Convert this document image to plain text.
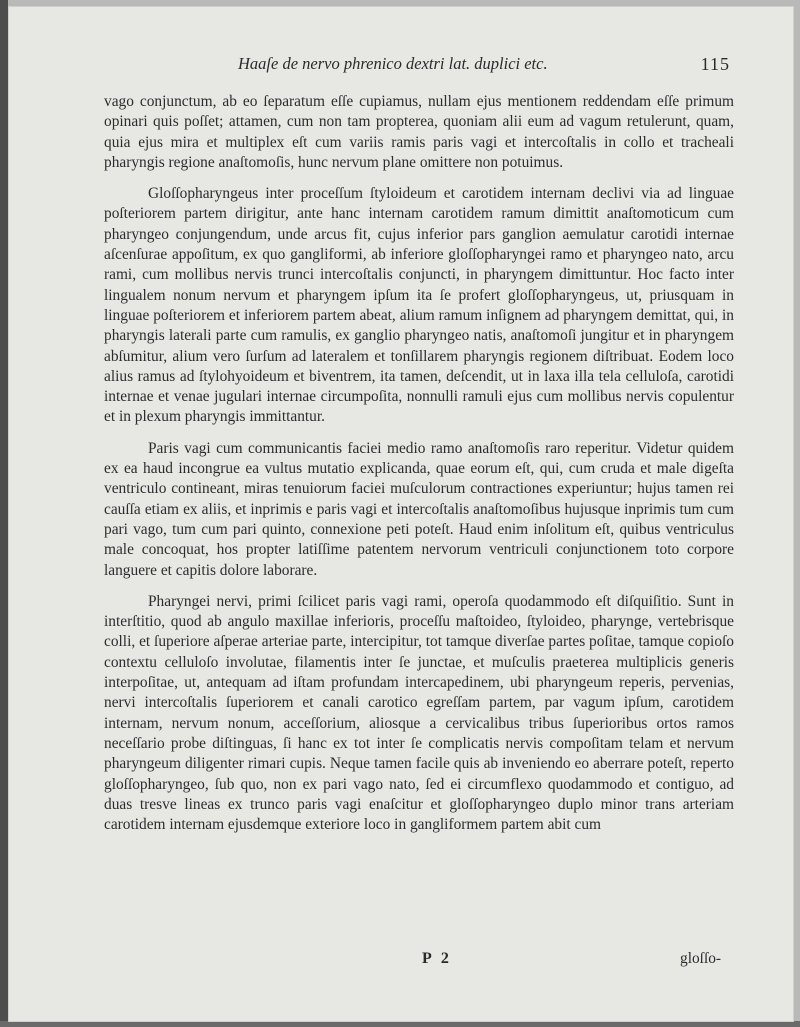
Haaſe de nervo phrenico dextri lat. duplici etc.	115

vago conjunctum, ab eo ſeparatum eſſe cupiamus, nullam ejus mentionem reddendam eſſe primum opinari quis poſſet; attamen, cum non tam propterea, quoniam alii eum ad vagum retulerunt, quam, quia ejus mira et multiplex eſt cum variis ramis paris vagi et intercoſtalis in collo et tracheali pharyngis regione anaſtomoſis, hunc nervum plane omittere non potuimus.

Gloſſopharyngeus inter proceſſum ſtyloideum et carotidem internam declivi via ad linguae poſteriorem partem dirigitur, ante hanc internam carotidem ramum dimittit anaſtomoticum cum pharyngeo conjungendum, unde arcus fit, cujus inferior pars ganglion aemulatur carotidi internae aſcenſurae appoſitum, ex quo gangliformi, ab inferiore gloſſopharyngei ramo et pharyngeo nato, arcu rami, cum mollibus nervis trunci intercoſtalis conjuncti, in pharyngem dimittuntur. Hoc facto inter lingualem nonum nervum et pharyngem ipſum ita ſe profert gloſſopharyngeus, ut, priusquam in linguae poſteriorem et inferiorem partem abeat, alium ramum inſignem ad pharyngem demittat, qui, in pharyngis laterali parte cum ramulis, ex ganglio pharyngeo natis, anaſtomoſi jungitur et in pharyngem abſumitur, alium vero ſurſum ad lateralem et tonſillarem pharyngis regionem diſtribuat. Eodem loco alius ramus ad ſtylohyoideum et biventrem, ita tamen, deſcendit, ut in laxa illa tela celluloſa, carotidi internae et venae jugulari internae circumpoſita, nonnulli ramuli ejus cum mollibus nervis copulentur et in plexum pharyngis immittantur.

Paris vagi cum communicantis faciei medio ramo anaſtomoſis raro reperitur. Videtur quidem ex ea haud incongrue ea vultus mutatio explicanda, quae eorum eſt, qui, cum cruda et male digeſta ventriculo contineant, miras tenuiorum faciei muſculorum contractiones experiuntur; hujus tamen rei cauſſa etiam ex aliis, et inprimis e paris vagi et intercoſtalis anaſtomoſibus hujusque inprimis tum cum pari vago, tum cum pari quinto, connexione peti poteſt. Haud enim inſolitum eſt, quibus ventriculus male concoquat, hos propter latiſſime patentem nervorum ventriculi conjunctionem toto corpore languere et capitis dolore laborare.

Pharyngei nervi, primi ſcilicet paris vagi rami, operoſa quodammodo eſt diſquiſitio. Sunt in interſtitio, quod ab angulo maxillae inferioris, proceſſu maſtoideo, ſtyloideo, pharynge, vertebrisque colli, et ſuperiore aſperae arteriae parte, intercipitur, tot tamque diverſae partes poſitae, tamque copioſo contextu celluloſo involutae, filamentis inter ſe junctae, et muſculis praeterea multiplicis generis interpoſitae, ut, antequam ad iſtam profundam intercapedinem, ubi pharyngeum reperis, pervenias, nervi intercoſtalis ſuperiorem et canali carotico egreſſam partem, par vagum ipſum, carotidem internam, nervum nonum, acceſſorium, aliosque a cervicalibus tribus ſuperioribus ortos ramos neceſſario probe diſtinguas, ſi hanc ex tot inter ſe complicatis nervis compoſitam telam et nervum pharyngeum diligenter rimari cupis. Neque tamen facile quis ab inveniendo eo aberrare poteſt, reperto gloſſopharyngeo, ſub quo, non ex pari vago nato, ſed ei circumflexo quodammodo et contiguo, ad duas tresve lineas ex trunco paris vagi enaſcitur et gloſſopharyngeo duplo minor trans arteriam carotidem internam ejusdemque exteriore loco in gangliformem partem abit cum

P 2	gloſſo-
